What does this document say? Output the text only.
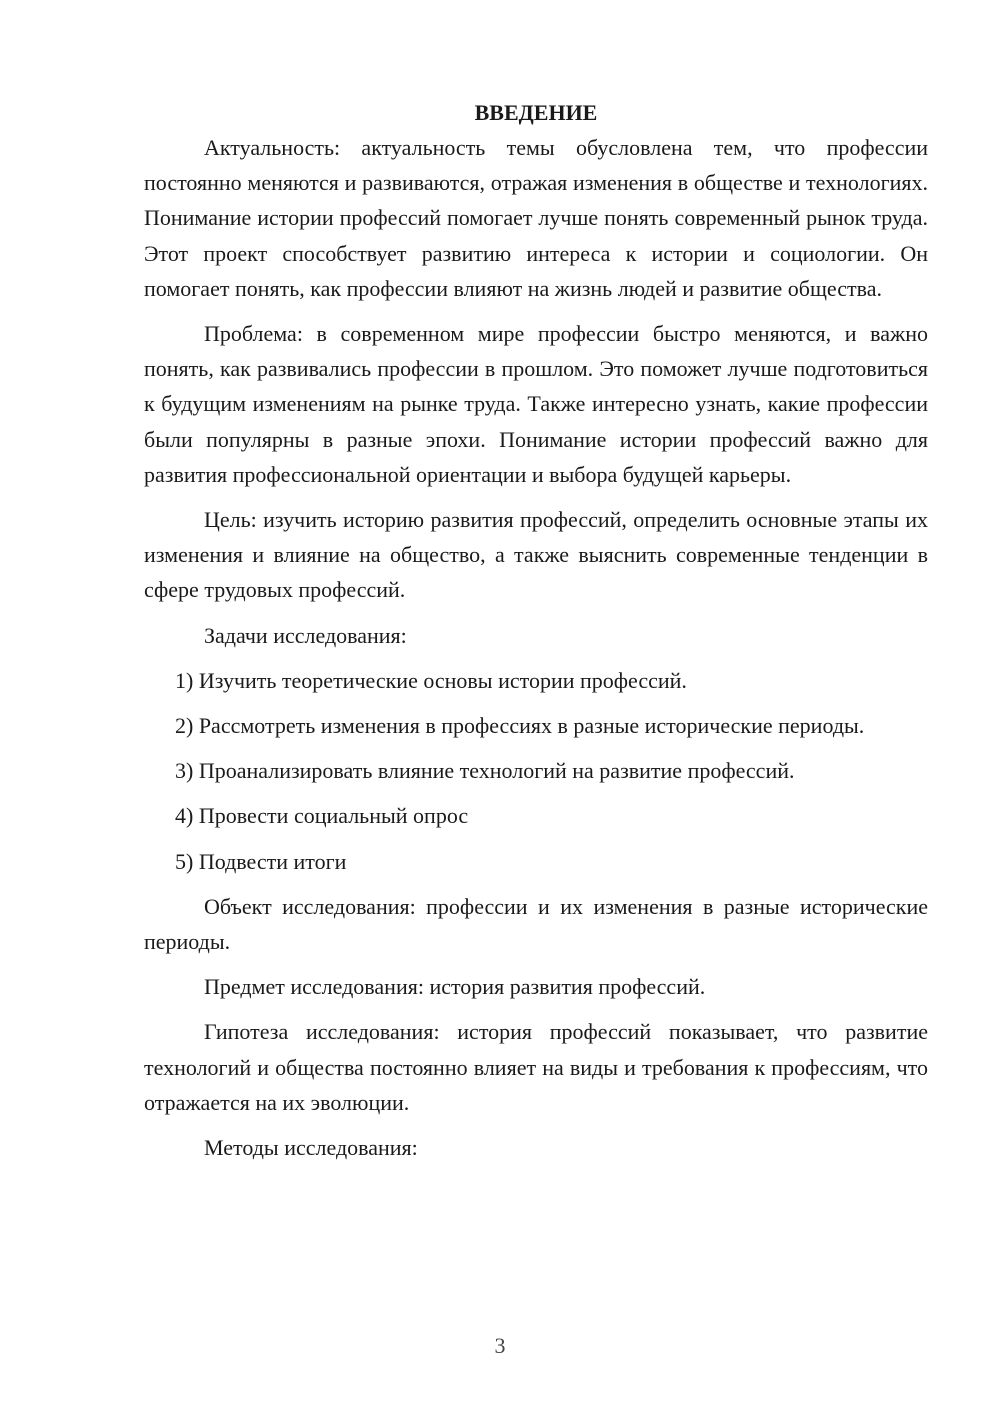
ВВЕДЕНИЕ

Актуальность: актуальность темы обусловлена тем, что профессии постоянно меняются и развиваются, отражая изменения в обществе и технологиях. Понимание истории профессий помогает лучше понять современный рынок труда. Этот проект способствует развитию интереса к истории и социологии. Он помогает понять, как профессии влияют на жизнь людей и развитие общества.

Проблема: в современном мире профессии быстро меняются, и важно понять, как развивались профессии в прошлом. Это поможет лучше подготовиться к будущим изменениям на рынке труда. Также интересно узнать, какие профессии были популярны в разные эпохи. Понимание истории профессий важно для развития профессиональной ориентации и выбора будущей карьеры.

Цель: изучить историю развития профессий, определить основные этапы их изменения и влияние на общество, а также выяснить современные тенденции в сфере трудовых профессий.

Задачи исследования:

1) Изучить теоретические основы истории профессий.

2) Рассмотреть изменения в профессиях в разные исторические периоды.

3) Проанализировать влияние технологий на развитие профессий.

4) Провести социальный опрос

5) Подвести итоги

Объект исследования: профессии и их изменения в разные исторические периоды.

Предмет исследования: история развития профессий.

Гипотеза исследования: история профессий показывает, что развитие технологий и общества постоянно влияет на виды и требования к профессиям, что отражается на их эволюции.

Методы исследования:

3
